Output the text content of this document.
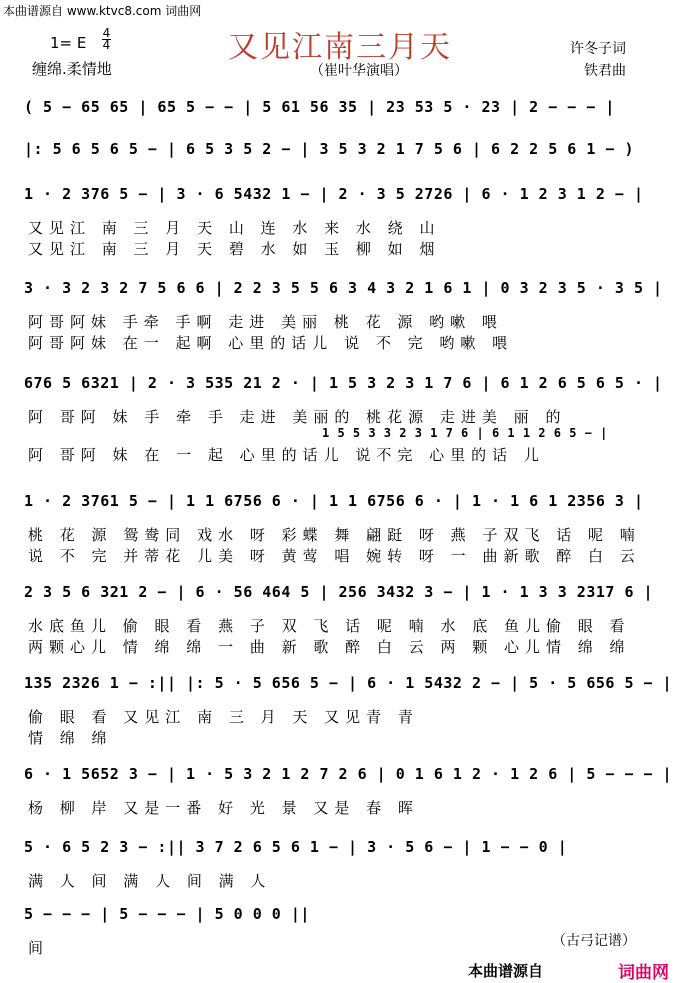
本曲谱源自 www.ktvc8.com 词曲网
又见江南三月天
1= E
4
4
缠绵.柔情地	（崔叶华演唱）
许冬子词
铁君曲
( 5 − 65 65 | 65 5 − − | 5 61 56 35 | 23 53 5 · 23 | 2 − − − |
|: 5 6 5 6 5 − | 6 5 3 5 2 − | 3 5 3 2 1 7 5 6 | 6 2 2 5 6 1 − )
1 · 2 376 5 − | 3 · 6 5432 1 − | 2 · 3 5 2726 | 6 · 1 2 3 1 2 − |
又见江 南 三 月 天 山 连 水 来 水 绕 山
又见江 南 三 月 天 碧 水 如 玉 柳 如 烟
3 · 3 2 3 2 7 5 6 6 | 2 2 3 5 5 6 3 4 3 2 1 6 1 | 0 3 2 3 5 · 3 5 |
阿哥阿妹 手牵 手啊 走进 美丽 桃 花 源 哟嗽 喂
阿哥阿妹 在一 起啊 心里的话儿 说 不 完 哟嗽 喂
676 5 6321 | 2 · 3 535 21 2 · | 1 5 3 2 3 1 7 6 | 6 1 2 6 5 6 5 · |
阿 哥阿 妹 手 牵 手 走进 美丽的 桃花源 走进美 丽 的
1 5 5 3 3 2 3 1 7 6 | 6 1 1 2 6 5 − |
阿 哥阿 妹 在 一 起 心里的话儿 说不完 心里的话 儿
1 · 2 3761 5 − | 1 1 6756 6 · | 1 1 6756 6 · | 1 · 1 6 1 2356 3 |
桃 花 源 鸳鸯同 戏水 呀 彩蝶 舞 翩跹 呀 燕 子双飞 话 呢 喃
说 不 完 并蒂花 儿美 呀 黄莺 唱 婉转 呀 一 曲新歌 醉 白 云
2 3 5 6 321 2 − | 6 · 56 464 5 | 256 3432 3 − | 1 · 1 3 3 2317 6 |
水底鱼儿 偷 眼 看 燕 子 双 飞 话 呢 喃 水 底 鱼儿偷 眼 看
两颗心儿 情 绵 绵 一 曲 新 歌 醉 白 云 两 颗 心儿情 绵 绵
135 2326 1 − :|| |: 5 · 5 656 5 − | 6 · 1 5432 2 − | 5 · 5 656 5 − |
偷 眼 看 又见江 南 三 月 天 又见青 青
情 绵 绵
6 · 1 5652 3 − | 1 · 5 3 2 1 2 7 2 6 | 0 1 6 1 2 · 1 2 6 | 5 − − − |
杨 柳 岸 又是一番 好 光 景 又是 春 晖
5 · 6 5 2 3 − :|| 3 7 2 6 5 6 1 − | 3 · 5 6 − | 1 − − 0 |
满 人 间 满 人 间 满 人
5 − − − | 5 − − − | 5 0 0 0 ||
间	（古弓记谱）
本曲谱源自	词曲网
